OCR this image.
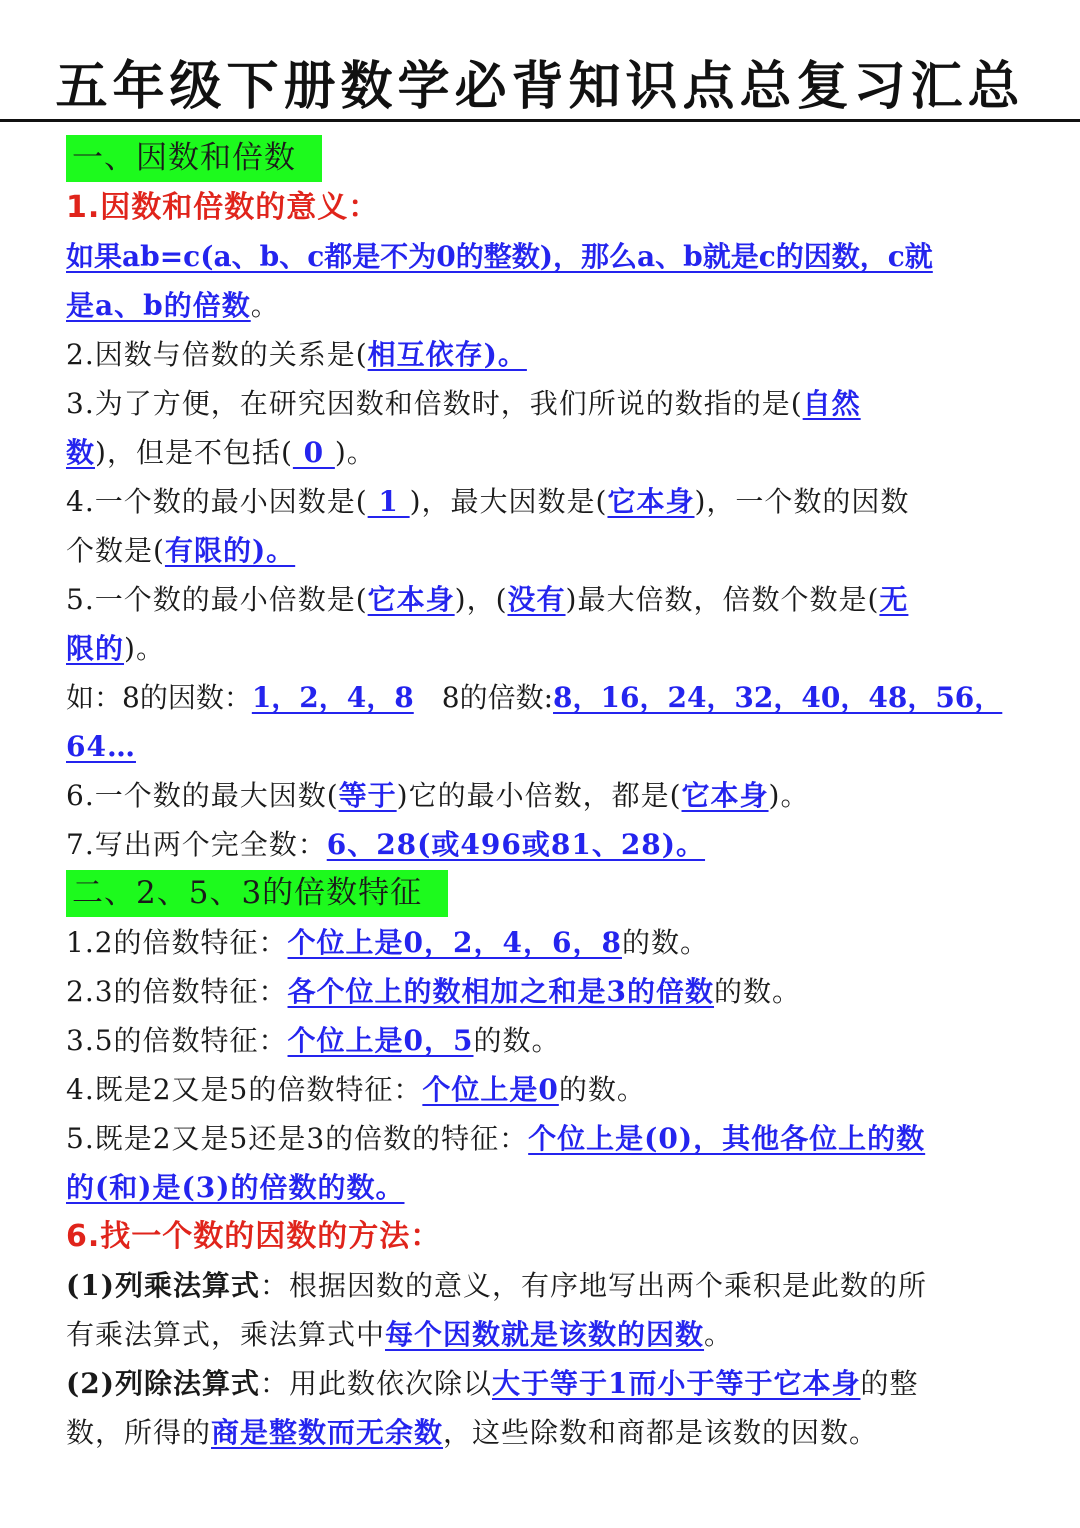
五年级下册数学必背知识点总复习汇总
一、因数和倍数
1.因数和倍数的意义：
如果ab=c(a、b、c都是不为0的整数)，那么a、b就是c的因数，c就
是a、b的倍数。
2.因数与倍数的关系是(相互依存)。
3.为了方便，在研究因数和倍数时，我们所说的数指的是(自然
数)，但是不包括( 0 )。
4.一个数的最小因数是( 1 )，最大因数是(它本身)，一个数的因数
个数是(有限的)。
5.一个数的最小倍数是(它本身)，(没有)最大倍数，倍数个数是(无
限的)。
如：8的因数：1，2，4，8　8的倍数:8，16，24，32，40，48，56，
64…
6.一个数的最大因数(等于)它的最小倍数，都是(它本身)。
7.写出两个完全数：6、28(或496或81、28)。
二、2、5、3的倍数特征
1.2的倍数特征：个位上是0，2，4，6，8的数。
2.3的倍数特征：各个位上的数相加之和是3的倍数的数。
3.5的倍数特征：个位上是0，5的数。
4.既是2又是5的倍数特征：个位上是0的数。
5.既是2又是5还是3的倍数的特征：个位上是(0)，其他各位上的数
的(和)是(3)的倍数的数。
6.找一个数的因数的方法：
(1)列乘法算式：根据因数的意义，有序地写出两个乘积是此数的所
有乘法算式，乘法算式中每个因数就是该数的因数。
(2)列除法算式：用此数依次除以大于等于1而小于等于它本身的整
数，所得的商是整数而无余数，这些除数和商都是该数的因数。
